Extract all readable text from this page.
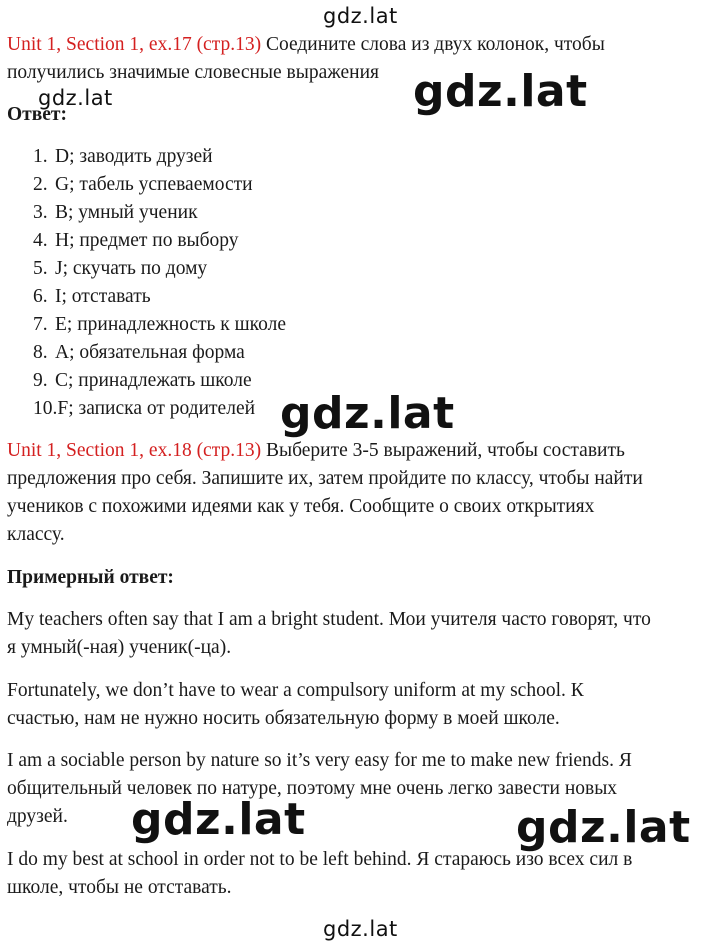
gdz.lat
gdz.lat	gdz.lat
gdz.lat
gdz.lat	gdz.lat
gdz.lat
Unit 1, Section 1, ex.17 (стр.13) Соедините слова из двух колонок, чтобы
получились значимые словесные выражения
Ответ:
1. D; заводить друзей
2. G; табель успеваемости
3. B; умный ученик
4. H; предмет по выбору
5. J; скучать по дому
6. I; отставать
7. E; принадлежность к школе
8. A; обязательная форма
9. C; принадлежать школе
10.F; записка от родителей
Unit 1, Section 1, ex.18 (стр.13) Выберите 3-5 выражений, чтобы составить
предложения про себя. Запишите их, затем пройдите по классу, чтобы найти
учеников с похожими идеями как у тебя. Сообщите о своих открытиях
классу.
Примерный ответ:
My teachers often say that I am a bright student. Мои учителя часто говорят, что
я умный(-ная) ученик(-ца).
Fortunately, we don’t have to wear a compulsory uniform at my school. К
счастью, нам не нужно носить обязательную форму в моей школе.
I am a sociable person by nature so it’s very easy for me to make new friends. Я
общительный человек по натуре, поэтому мне очень легко завести новых
друзей.
I do my best at school in order not to be left behind. Я стараюсь изо всех сил в
школе, чтобы не отставать.
